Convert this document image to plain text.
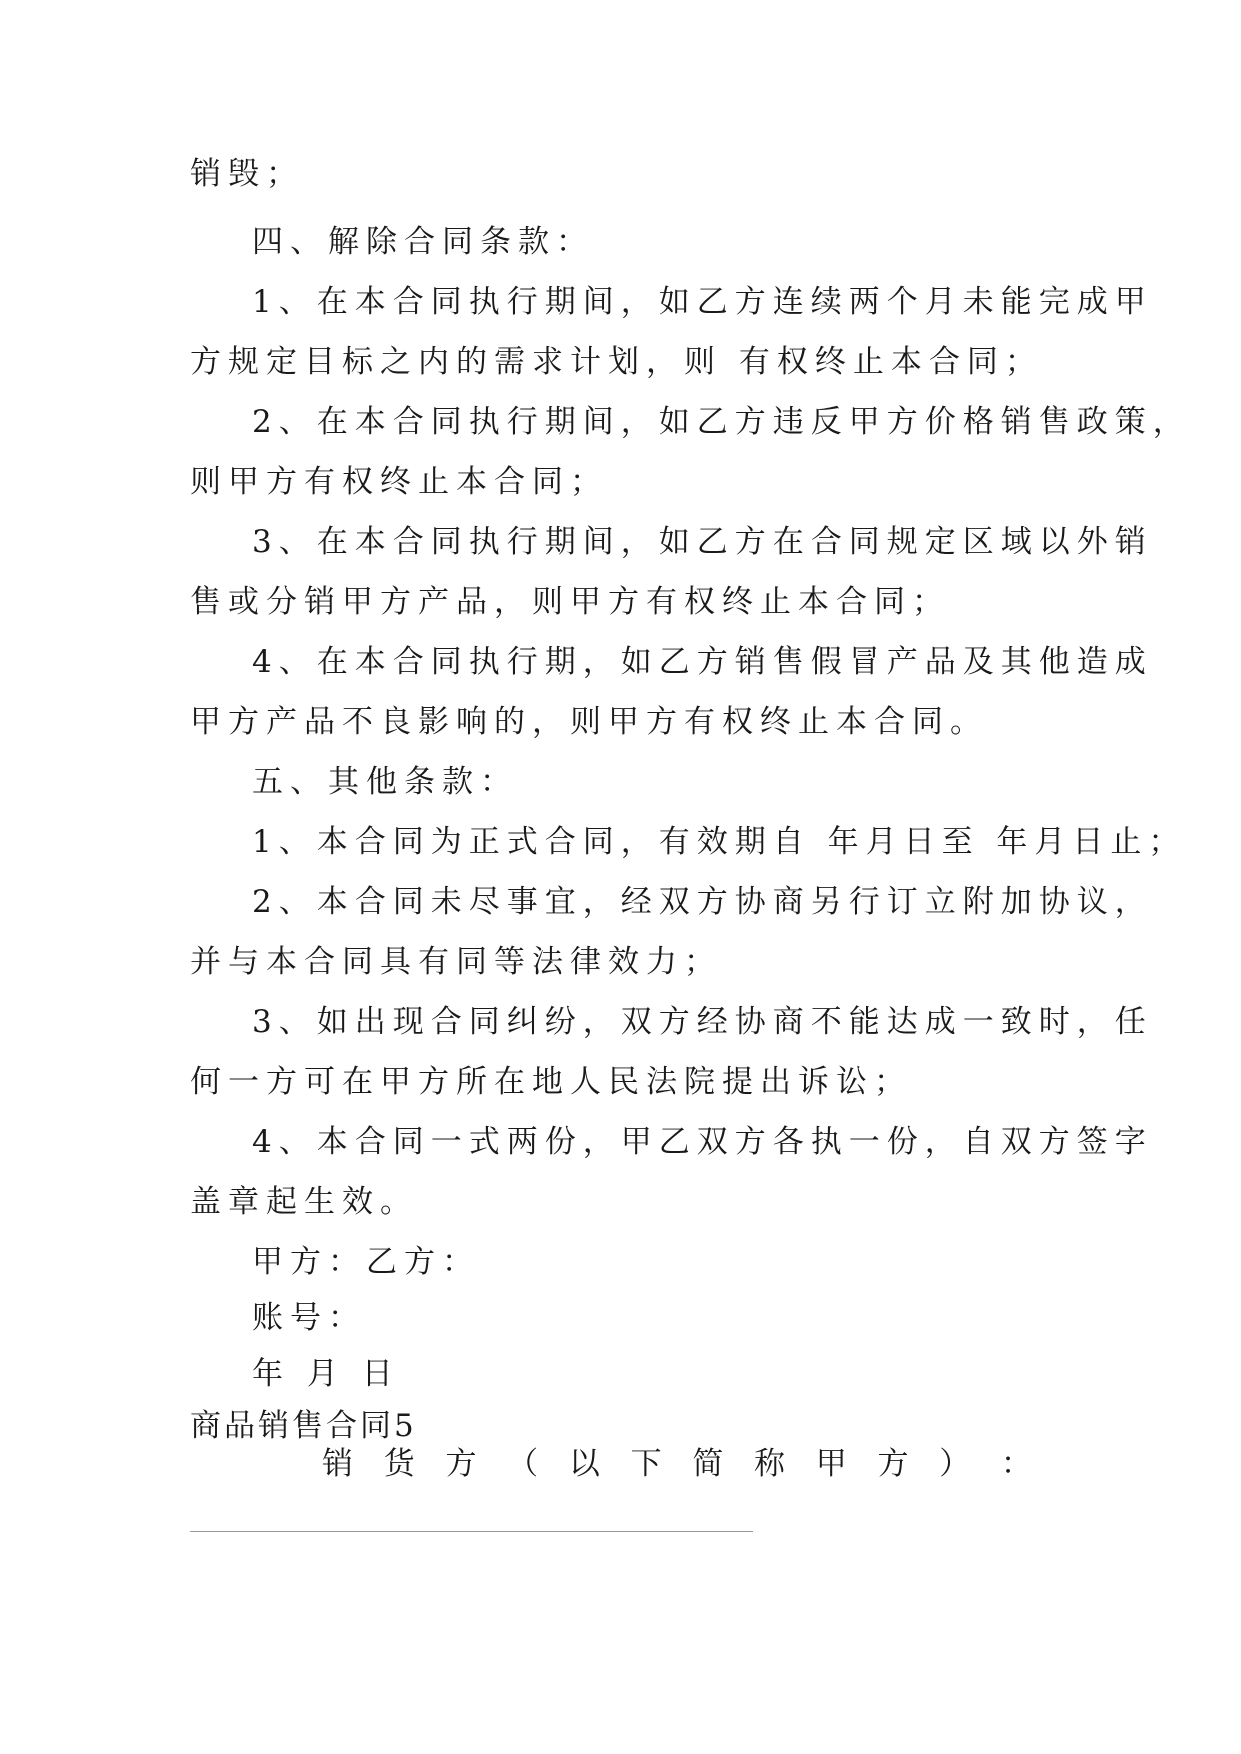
销毁；
四、解除合同条款：
1、在本合同执行期间，如乙方连续两个月未能完成甲
方规定目标之内的需求计划，则 有权终止本合同；
2、在本合同执行期间，如乙方违反甲方价格销售政策，
则甲方有权终止本合同；
3、在本合同执行期间，如乙方在合同规定区域以外销
售或分销甲方产品，则甲方有权终止本合同；
4、在本合同执行期，如乙方销售假冒产品及其他造成
甲方产品不良影响的，则甲方有权终止本合同。
五、其他条款：
1、本合同为正式合同，有效期自 年月日至 年月日止；
2、本合同未尽事宜，经双方协商另行订立附加协议，
并与本合同具有同等法律效力；
3、如出现合同纠纷，双方经协商不能达成一致时，任
何一方可在甲方所在地人民法院提出诉讼；
4、本合同一式两份，甲乙双方各执一份，自双方签字
盖章起生效。
甲方：乙方：
账号：
年 月 日
商品销售合同5
销 货 方 （ 以 下 简 称 甲 方 ） ：
